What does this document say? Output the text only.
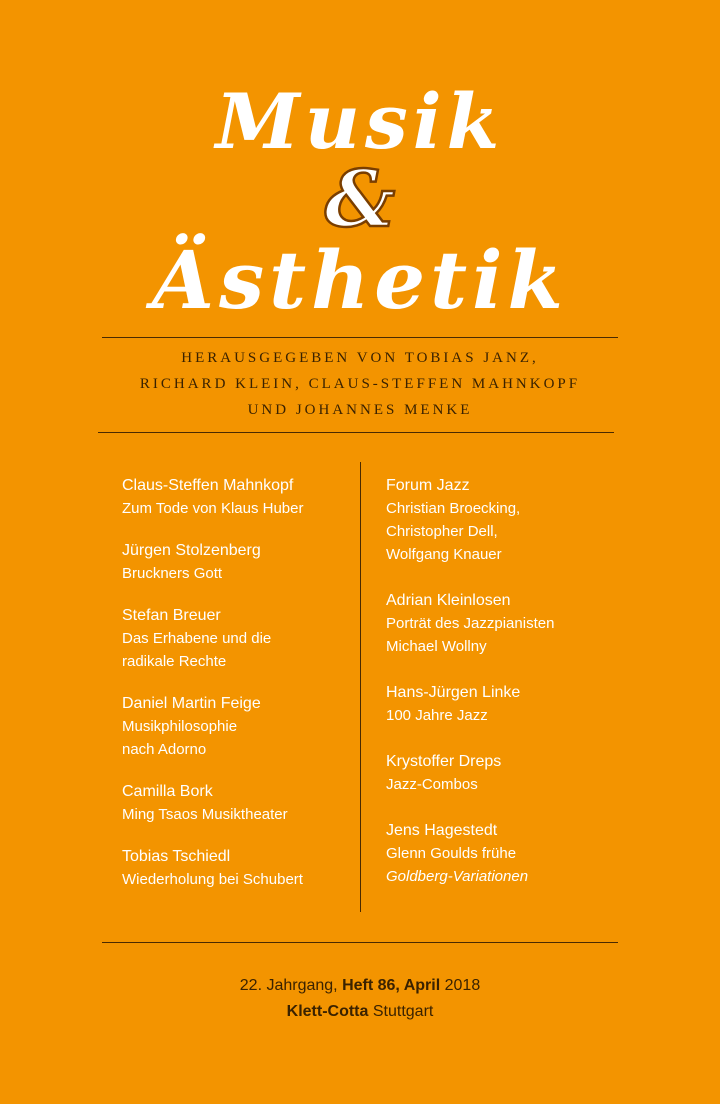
Musik
&
Ästhetik
HERAUSGEGEBEN VON TOBIAS JANZ,
RICHARD KLEIN, CLAUS-STEFFEN MAHNKOPF
UND JOHANNES MENKE
Claus-Steffen Mahnkopf
Zum Tode von Klaus Huber
Jürgen Stolzenberg
Bruckners Gott
Stefan Breuer
Das Erhabene und die
radikale Rechte
Daniel Martin Feige
Musikphilosophie
nach Adorno
Camilla Bork
Ming Tsaos Musiktheater
Tobias Tschiedl
Wiederholung bei Schubert
Forum Jazz
Christian Broecking,
Christopher Dell,
Wolfgang Knauer
Adrian Kleinlosen
Porträt des Jazzpianisten
Michael Wollny
Hans-Jürgen Linke
100 Jahre Jazz
Krystoffer Dreps
Jazz-Combos
Jens Hagestedt
Glenn Goulds frühe
Goldberg-Variationen
22. Jahrgang, Heft 86, April 2018
Klett-Cotta Stuttgart
